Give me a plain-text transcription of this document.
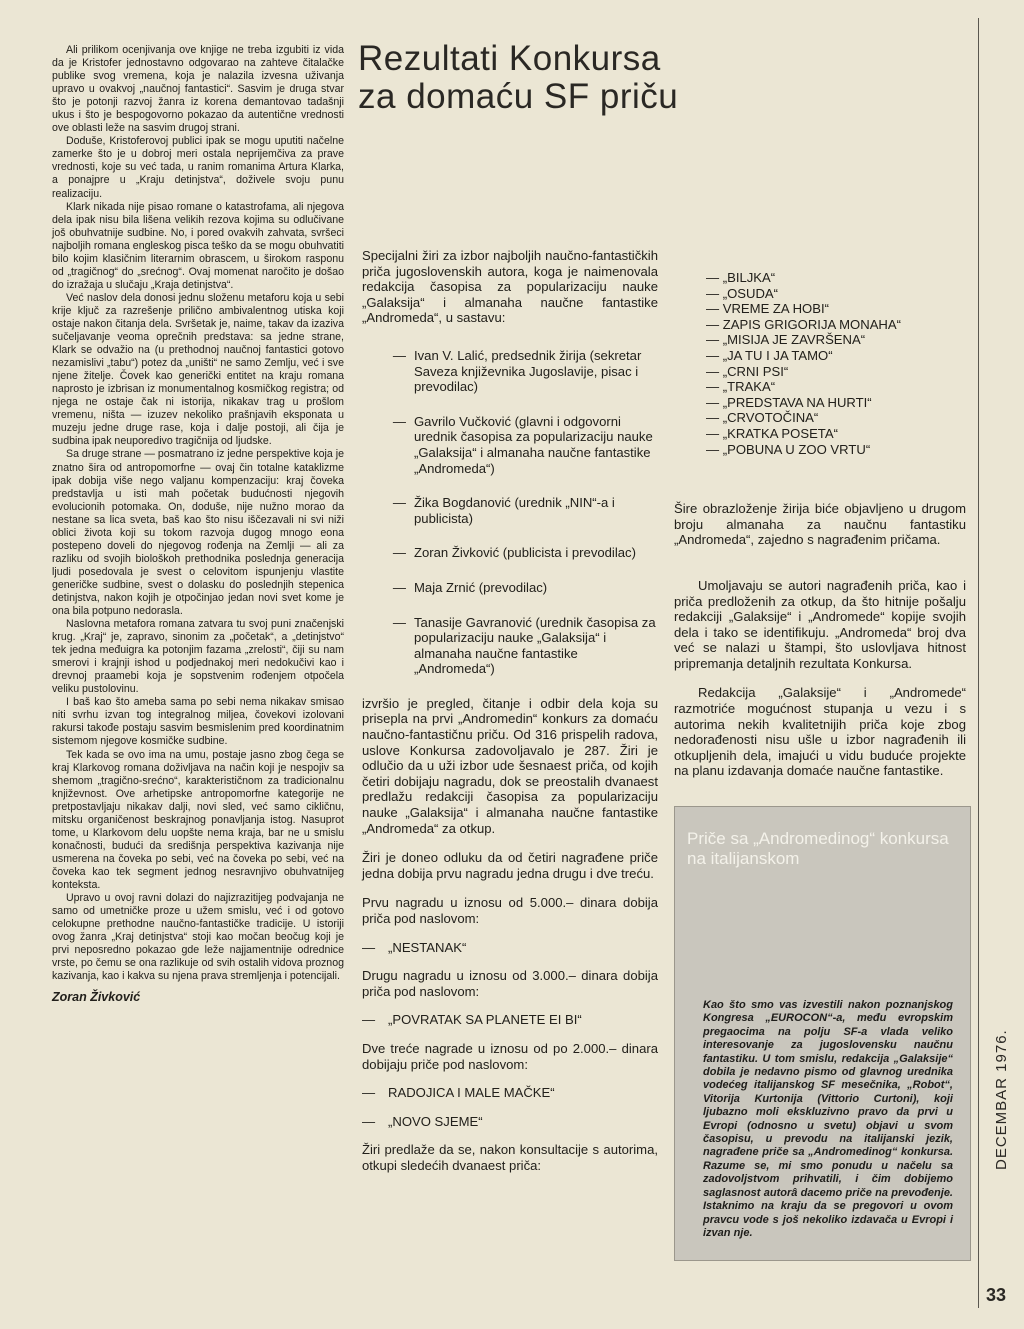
Ali prilikom ocenjivanja ove knjige ne treba izgubiti iz vida da je Kristofer jednostavno odgovarao na zahteve čitalačke publike svog vremena, koja je nalazila izvesna uživanja upravo u ovakvoj „naučnoj fantastici“. Sasvim je druga stvar što je potonji razvoj žanra iz korena demantovao tadašnji ukus i što je bespogovorno pokazao da autentične vrednosti ove oblasti leže na sasvim drugoj strani.

Doduše, Kristoferovoj publici ipak se mogu uputiti načelne zamerke što je u dobroj meri ostala neprijemčiva za prave vrednosti, koje su već tada, u ranim romanima Artura Klarka, a ponajpre u „Kraju detinjstva“, doživele svoju punu realizaciju.

Klark nikada nije pisao romane o katastrofama, ali njegova dela ipak nisu bila lišena velikih rezova kojima su odlučivane još obuhvatnije sudbine. No, i pored ovakvih zahvata, svršeci najboljih romana engleskog pisca teško da se mogu obuhvatiti bilo kojim klasičnim literarnim obrascem, u širokom rasponu od „tragičnog“ do „srećnog“. Ovaj momenat naročito je došao do izražaja u slučaju „Kraja detinjstva“.

Već naslov dela donosi jednu složenu metaforu koja u sebi krije ključ za razrešenje prilično ambivalentnog utiska koji ostaje nakon čitanja dela. Svršetak je, naime, takav da izaziva sučeljavanje veoma oprečnih predstava: sa jedne strane, Klark se odvažio na (u prethodnoj naučnoj fantastici gotovo nezamislivi „tabu“) potez da „uništi“ ne samo Zemlju, već i sve njene žitelje. Čovek kao generički entitet na kraju romana naprosto je izbrisan iz monumentalnog kosmičkog registra; od njega ne ostaje čak ni istorija, nikakav trag u prošlom vremenu, ništa — izuzev nekoliko prašnjavih eksponata u muzeju jedne druge rase, koja i dalje postoji, ali čija je sudbina ipak neuporedivo tragičnija od ljudske.

Sa druge strane — posmatrano iz jedne perspektive koja je znatno šira od antropomorfne — ovaj čin totalne kataklizme ipak dobija više nego valjanu kompenzaciju: kraj čoveka predstavlja u isti mah početak budućnosti njegovih evolucionih potomaka. On, doduše, nije nužno morao da nestane sa lica sveta, baš kao što nisu iščezavali ni svi niži oblici života koji su tokom razvoja dugog mnogo eona postepeno doveli do njegovog rođenja na Zemlji — ali za razliku od svojih biološkoh prethodnika poslednja generacija ljudi posedovala je svest o celovitom ispunjenju vlastite generičke sudbine, svest o dolasku do poslednjih stepenica detinjstva, nakon kojih je otpočinjao jedan novi svet kome je ona bila potpuno nedorasla.

Naslovna metafora romana zatvara tu svoj puni značenjski krug. „Kraj“ je, zapravo, sinonim za „početak“, a „detinjstvo“ tek jedna međuigra ka potonjim fazama „zrelosti“, čiji su nam smerovi i krajnji ishod u podjednakoj meri nedokučivi kao i drevnoj praamebi koja je sopstvenim rođenjem otpočela veliku pustolovinu.

I baš kao što ameba sama po sebi nema nikakav smisao niti svrhu izvan tog integralnog miljea, čovekovi izolovani rakursi takođe postaju sasvim besmislenim pred koordinatnim sistemom njegove kosmičke sudbine.

Tek kada se ovo ima na umu, postaje jasno zbog čega se kraj Klarkovog romana doživljava na način koji je nespojiv sa shemom „tragično-srećno“, karakterističnom za tradicionalnu književnost. Ove arhetipske antropomorfne kategorije ne pretpostavljaju nikakav dalji, novi sled, već samo cikličnu, mitsku organičenost beskrajnog ponavljanja istog. Nasuprot tome, u Klarkovom delu uopšte nema kraja, bar ne u smislu konačnosti, budući da središnja perspektiva kazivanja nije usmerena na čoveka po sebi, već na čoveka po sebi, već na čoveka kao tek segment jednog nesravnjivo obuhvatnijeg konteksta.

Upravo u ovoj ravni dolazi do najizrazitijeg podvajanja ne samo od umetničke proze u užem smislu, već i od gotovo celokupne prethodne naučno-fantastičke tradicije. U istoriji ovog žanra „Kraj detinjstva“ stoji kao močan beočug koji je prvi neposredno pokazao gde leže najjamentnije odrednice vrste, po čemu se ona razlikuje od svih ostalih vidova proznog kazivanja, kao i kakva su njena prava stremljenja i potencijali.

Zoran Živković
Rezultati Konkursa
za domaću SF priču

Specijalni žiri za izbor najboljih naučno-fantastičkih priča jugoslovenskih autora, koga je naimenovala redakcija časopisa za popularizaciju nauke „Galaksija“ i almanaha naučne fantastike „Andromeda“, u sastavu:

— Ivan V. Lalić, predsednik žirija (sekretar Saveza književnika Jugoslavije, pisac i prevodilac)
— Gavrilo Vučković (glavni i odgovorni urednik časopisa za popularizaciju nauke „Galaksija“ i almanaha naučne fantastike „Andromeda“)
— Žika Bogdanović (urednik „NIN“-a i publicista)
— Zoran Živković (publicista i prevodilac)
— Maja Zrnić (prevodilac)
— Tanasije Gavranović (urednik časopisa za popularizaciju nauke „Galaksija“ i almanaha naučne fantastike „Andromeda“)

izvršio je pregled, čitanje i odbir dela koja su prisepla na prvi „Andromedin“ konkurs za domaću naučno-fantastičnu priču. Od 316 prispelih radova, uslove Konkursa zadovoljavalo je 287. Žiri je odlučio da u uži izbor ude šesnaest priča, od kojih četiri dobijaju nagradu, dok se preostalih dvanaest predlažu redakciji časopisa za popularizaciju nauke „Galaksija“ i almanaha naučne fantastike „Andromeda“ za otkup.

Žiri je doneo odluku da od četiri nagrađene priče jedna dobija prvu nagradu jedna drugu i dve treću.

Prvu nagradu u iznosu od 5.000.– dinara dobija priča pod naslovom:

— „NESTANAK“

Drugu nagradu u iznosu od 3.000.– dinara dobija priča pod naslovom:

— „POVRATAK SA PLANETE EI BI“

Dve treće nagrade u iznosu od po 2.000.– dinara dobijaju priče pod naslovom:

— RADOJICA I MALE MAČKE“
— „NOVO SJEME“

Žiri predlaže da se, nakon konsultacije s autorima, otkupi sledećih dvanaest priča:

— „BILJKA“
— „OSUDA“
— VREME ZA HOBI“
— ZAPIS GRIGORIJA MONAHA“
— „MISIJA JE ZAVRŠENA“
— „JA TU I JA TAMO“
— „CRNI PSI“
— „TRAKA“
— „PREDSTAVA NA HURTI“
— „CRVOTOČINA“
— „KRATKA POSETA“
— „POBUNA U ZOO VRTU“

Šire obrazloženje žirija biće objavljeno u drugom broju almanaha za naučnu fantastiku „Andromeda“, zajedno s nagrađenim pričama.

Umoljavaju se autori nagrađenih priča, kao i priča predloženih za otkup, da što hitnije pošalju redakciji „Galaksije“ i „Andromede“ kopije svojih dela i tako se identifikuju. „Andromeda“ broj dva već se nalazi u štampi, što uslovljava hitnost pripremanja detaljnih rezultata Konkursa.

Redakcija „Galaksije“ i „Andromede“ razmotriće mogućnost stupanja u vezu i s autorima nekih kvalitetnijih priča koje zbog nedorađenosti nisu ušle u izbor nagrađenih ili otkupljenih dela, imajući u vidu buduće projekte na planu izdavanja domaće naučne fantastike.

Priče sa „Andromedinog“ konkursa na italijanskom

Kao što smo vas izvestili nakon poznanjskog Kongresa „EUROCON“-a, među evropskim pregaocima na polju SF-a vlada veliko interesovanje za jugoslovensku naučnu fantastiku. U tom smislu, redakcija „Galaksije“ dobila je nedavno pismo od glavnog urednika vodećeg italijanskog SF mesečnika, „Robot“, Vitorija Kurtonija (Vittorio Curtoni), koji ljubazno moli ekskluzivno pravo da prvi u Evropi (odnosno u svetu) objavi u svom časopisu, u prevodu na italijanski jezik, nagrađene priče sa „Andromedinog“ konkursa. Razume se, mi smo ponudu u načelu sa zadovoljstvom prihvatili, i čim dobijemo saglasnost autorâ dacemo priče na prevođenje. Istaknimo na kraju da se pregovori u ovom pravcu vode s još nekoliko izdavača u Evropi i izvan nje.

DECEMBAR 1976.
33
